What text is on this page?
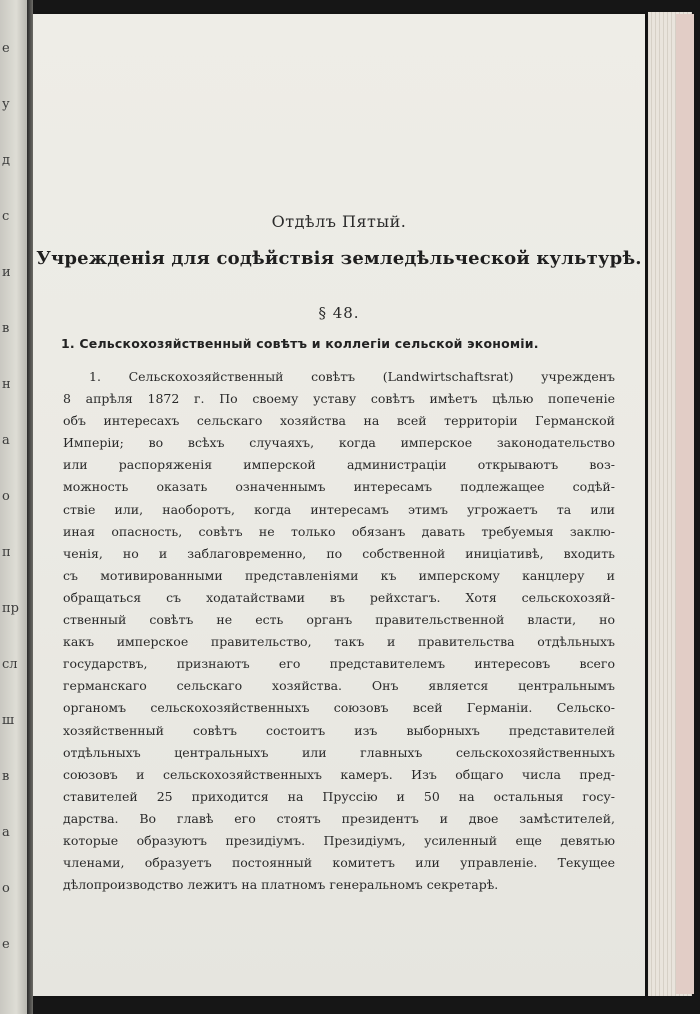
е
у
д
с
и
в
н
а
о
п
пр
сл
ш
в
а
о
е
Отдѣлъ Пятый.
Учрежденія для содѣйствія земледѣльческой культурѣ.
§ 48.
1. Сельскохозяйственный совѣтъ и коллегіи сельской экономіи.
1. Сельскохозяйственный совѣтъ (Landwirtschaftsrat) учрежденъ
8 апрѣля 1872 г. По своему уставу совѣтъ имѣетъ цѣлью попеченіе
объ интересахъ сельскаго хозяйства на всей территоріи Германской
Имперіи; во всѣхъ случаяхъ, когда имперское законодательство
или распоряженія имперской администраціи открываютъ воз-
можность оказать означеннымъ интересамъ подлежащее содѣй-
ствіе или, наоборотъ, когда интересамъ этимъ угрожаетъ та или
иная опасность, совѣтъ не только обязанъ давать требуемыя заклю-
ченія, но и заблаговременно, по собственной иниціативѣ, входить
съ мотивированными представленіями къ имперскому канцлеру и
обращаться съ ходатайствами въ рейхстагъ. Хотя сельскохозяй-
ственный совѣтъ не есть органъ правительственной власти, но
какъ имперское правительство, такъ и правительства отдѣльныхъ
государствъ, признаютъ его представителемъ интересовъ всего
германскаго сельскаго хозяйства. Онъ является центральнымъ
органомъ сельскохозяйственныхъ союзовъ всей Германіи. Сельско-
хозяйственный совѣтъ состоитъ изъ выборныхъ представителей
отдѣльныхъ центральныхъ или главныхъ сельскохозяйственныхъ
союзовъ и сельскохозяйственныхъ камеръ. Изъ общаго числа пред-
ставителей 25 приходится на Пруссію и 50 на остальныя госу-
дарства. Во главѣ его стоятъ президентъ и двое замѣстителей,
которые образуютъ президіумъ. Президіумъ, усиленный еще девятью
членами, образуетъ постоянный комитетъ или управленіе. Текущее
дѣлопроизводство лежитъ на платномъ генеральномъ секретарѣ.
